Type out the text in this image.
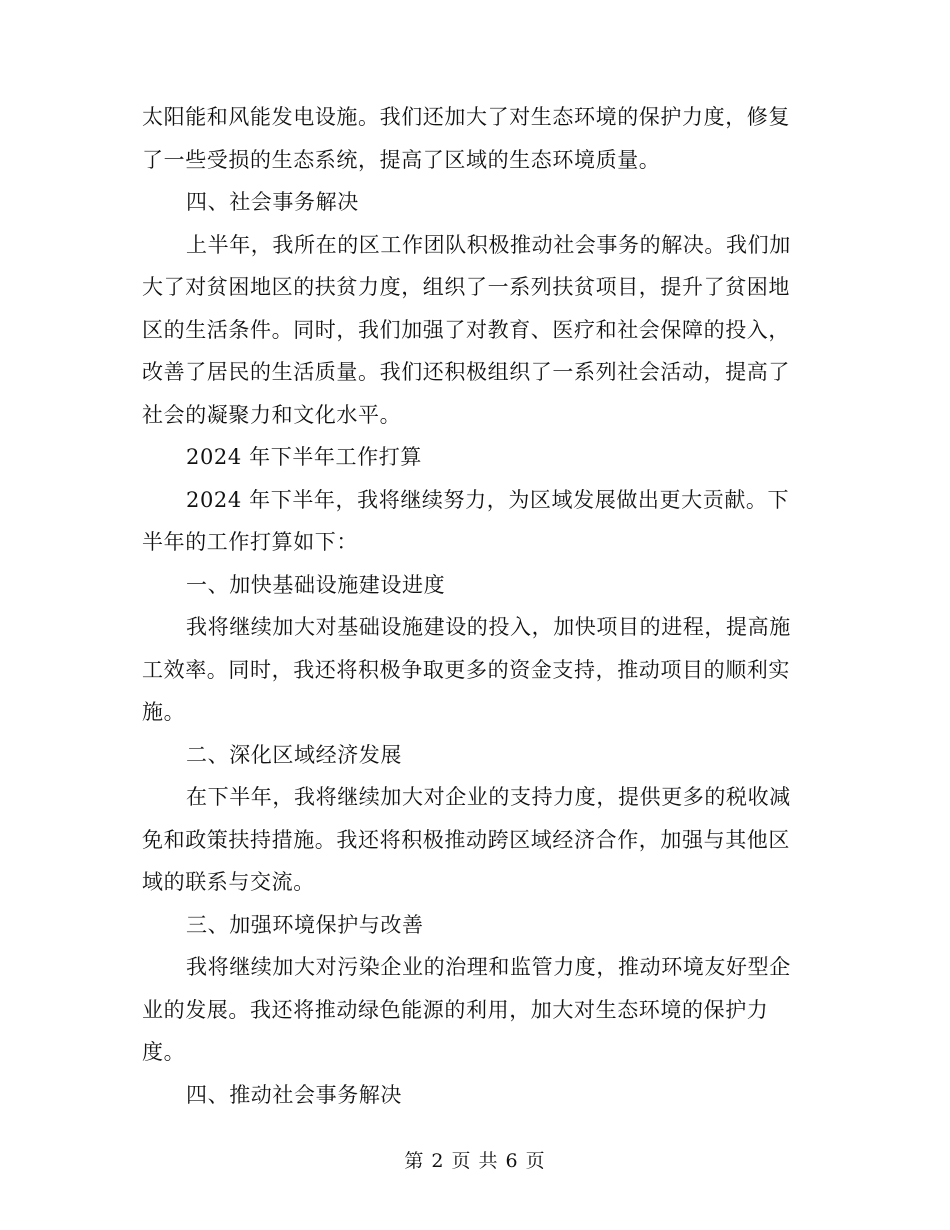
太阳能和风能发电设施。我们还加大了对生态环境的保护力度，修复了一些受损的生态系统，提高了区域的生态环境质量。

四、社会事务解决

上半年，我所在的区工作团队积极推动社会事务的解决。我们加大了对贫困地区的扶贫力度，组织了一系列扶贫项目，提升了贫困地区的生活条件。同时，我们加强了对教育、医疗和社会保障的投入，改善了居民的生活质量。我们还积极组织了一系列社会活动，提高了社会的凝聚力和文化水平。

2024 年下半年工作打算

2024 年下半年，我将继续努力，为区域发展做出更大贡献。下半年的工作打算如下：

一、加快基础设施建设进度

我将继续加大对基础设施建设的投入，加快项目的进程，提高施工效率。同时，我还将积极争取更多的资金支持，推动项目的顺利实施。

二、深化区域经济发展

在下半年，我将继续加大对企业的支持力度，提供更多的税收减免和政策扶持措施。我还将积极推动跨区域经济合作，加强与其他区域的联系与交流。

三、加强环境保护与改善

我将继续加大对污染企业的治理和监管力度，推动环境友好型企业的发展。我还将推动绿色能源的利用，加大对生态环境的保护力度。

四、推动社会事务解决

第 2 页 共 6 页
